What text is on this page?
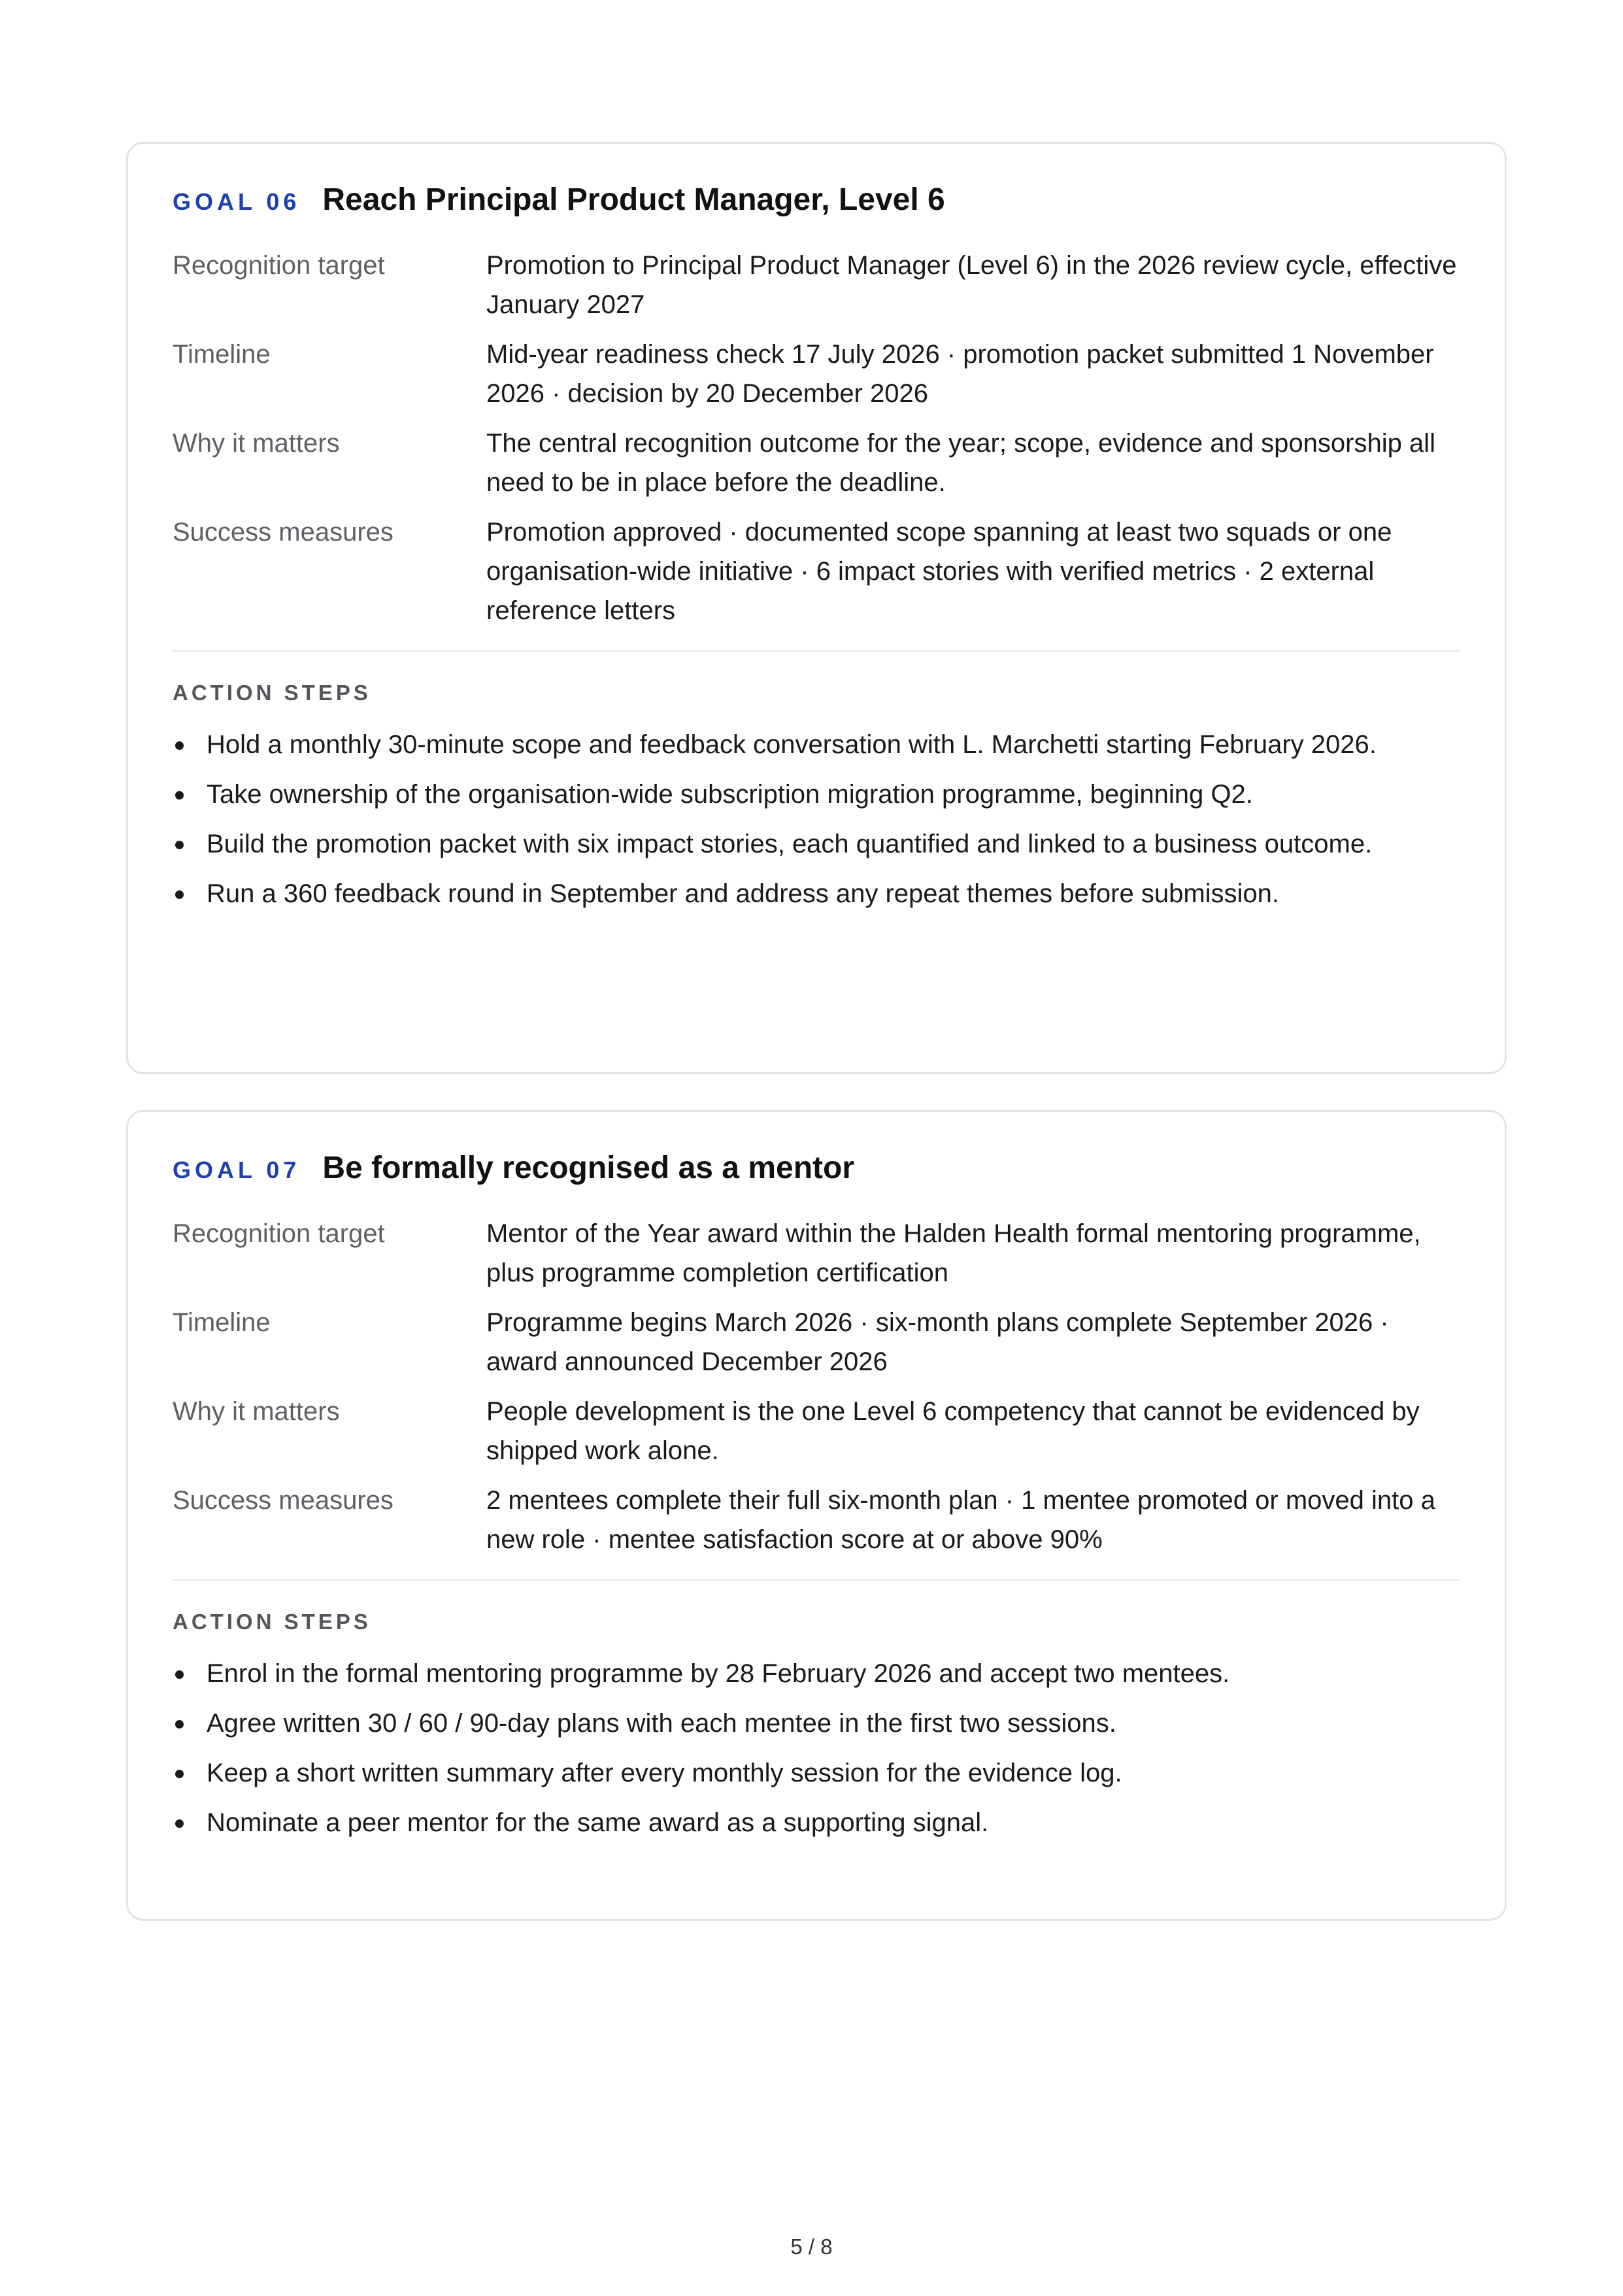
GOAL 06 Reach Principal Product Manager, Level 6
Recognition target	Promotion to Principal Product Manager (Level 6) in the 2026 review cycle, effective January 2027
Timeline	Mid-year readiness check 17 July 2026 · promotion packet submitted 1 November 2026 · decision by 20 December 2026
Why it matters	The central recognition outcome for the year; scope, evidence and sponsorship all need to be in place before the deadline.
Success measures	Promotion approved · documented scope spanning at least two squads or one organisation-wide initiative · 6 impact stories with verified metrics · 2 external reference letters
ACTION STEPS
Hold a monthly 30-minute scope and feedback conversation with L. Marchetti starting February 2026.
Take ownership of the organisation-wide subscription migration programme, beginning Q2.
Build the promotion packet with six impact stories, each quantified and linked to a business outcome.
Run a 360 feedback round in September and address any repeat themes before submission.
GOAL 07 Be formally recognised as a mentor
Recognition target	Mentor of the Year award within the Halden Health formal mentoring programme, plus programme completion certification
Timeline	Programme begins March 2026 · six-month plans complete September 2026 · award announced December 2026
Why it matters	People development is the one Level 6 competency that cannot be evidenced by shipped work alone.
Success measures	2 mentees complete their full six-month plan · 1 mentee promoted or moved into a new role · mentee satisfaction score at or above 90%
ACTION STEPS
Enrol in the formal mentoring programme by 28 February 2026 and accept two mentees.
Agree written 30 / 60 / 90-day plans with each mentee in the first two sessions.
Keep a short written summary after every monthly session for the evidence log.
Nominate a peer mentor for the same award as a supporting signal.
5 / 8
